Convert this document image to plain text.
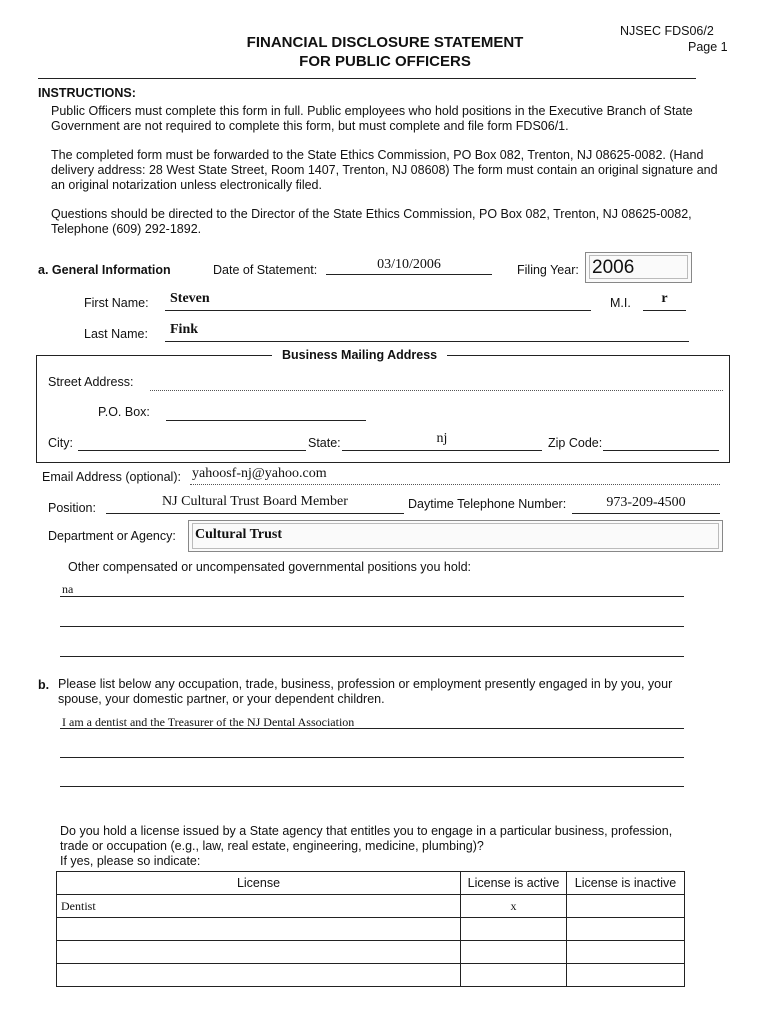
NJSEC FDS06/2
Page 1
FINANCIAL DISCLOSURE STATEMENT
FOR PUBLIC OFFICERS
INSTRUCTIONS:
Public Officers must complete this form in full. Public employees who hold positions in the Executive Branch of State Government are not required to complete this form, but must complete and file form FDS06/1.
The completed form must be forwarded to the State Ethics Commission, PO Box 082, Trenton, NJ 08625-0082. (Hand delivery address: 28 West State Street, Room 1407, Trenton, NJ 08608) The form must contain an original signature and an original notarization unless electronically filed.
Questions should be directed to the Director of the State Ethics Commission, PO Box 082, Trenton, NJ 08625-0082, Telephone (609) 292-1892.
a. General Information	Date of Statement:	03/10/2006	Filing Year: 2006
First Name: Steven	M.I.	r
Last Name: Fink
Business Mailing Address
Street Address:
P.O. Box:
City:	State:	nj	Zip Code:
Email Address (optional): yahoosf-nj@yahoo.com
Position:	NJ Cultural Trust Board Member	Daytime Telephone Number:	973-209-4500
Department or Agency: Cultural Trust
Other compensated or uncompensated governmental positions you hold:
na
b. Please list below any occupation, trade, business, profession or employment presently engaged in by you, your spouse, your domestic partner, or your dependent children.
I am a dentist and the Treasurer of the NJ Dental Association
Do you hold a license issued by a State agency that entitles you to engage in a particular business, profession,
trade or occupation (e.g., law, real estate, engineering, medicine, plumbing)?
If yes, please so indicate:
License	License is active	License is inactive
Dentist	x	
